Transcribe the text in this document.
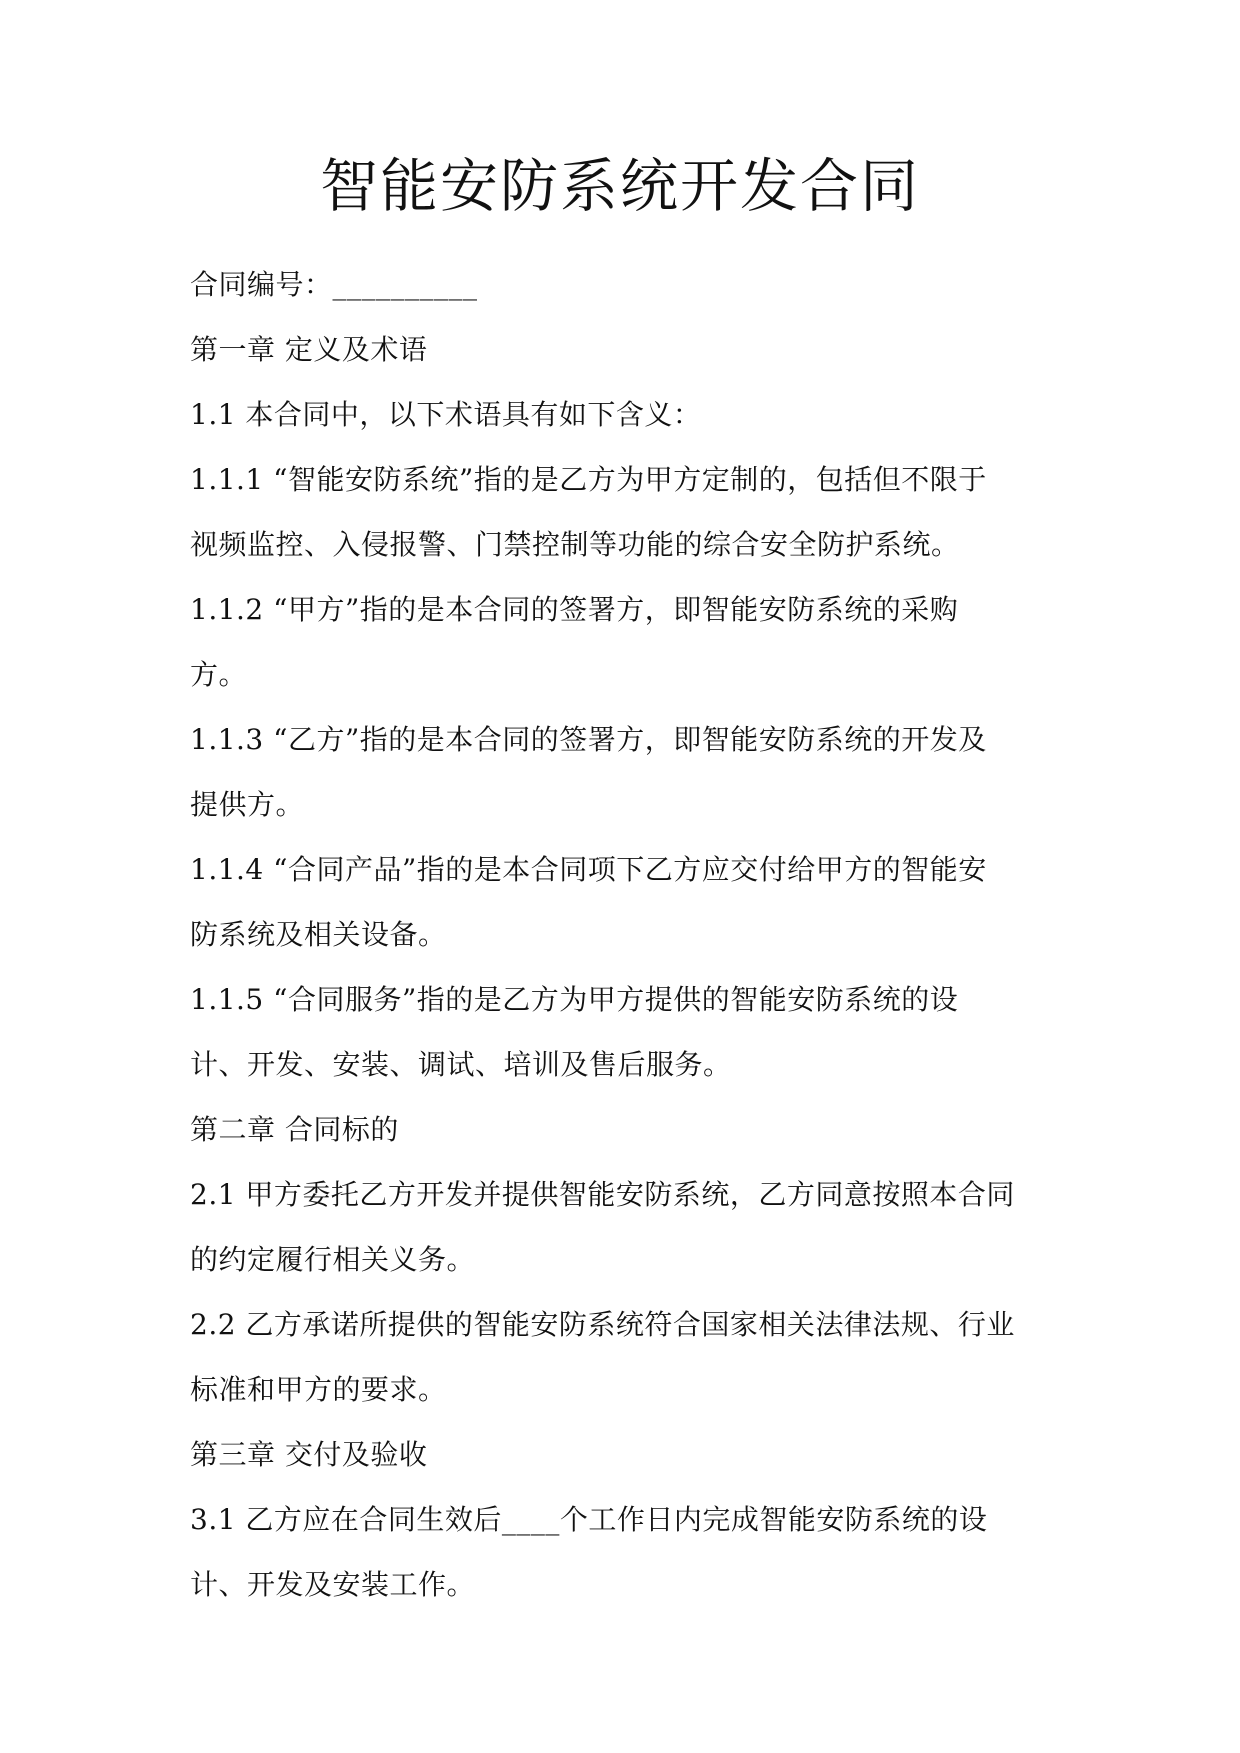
智能安防系统开发合同
合同编号：__________
第一章 定义及术语
1.1 本合同中，以下术语具有如下含义：
1.1.1 “智能安防系统”指的是乙方为甲方定制的，包括但不限于
视频监控、入侵报警、门禁控制等功能的综合安全防护系统。
1.1.2 “甲方”指的是本合同的签署方，即智能安防系统的采购
方。
1.1.3 “乙方”指的是本合同的签署方，即智能安防系统的开发及
提供方。
1.1.4 “合同产品”指的是本合同项下乙方应交付给甲方的智能安
防系统及相关设备。
1.1.5 “合同服务”指的是乙方为甲方提供的智能安防系统的设
计、开发、安装、调试、培训及售后服务。
第二章 合同标的
2.1 甲方委托乙方开发并提供智能安防系统，乙方同意按照本合同
的约定履行相关义务。
2.2 乙方承诺所提供的智能安防系统符合国家相关法律法规、行业
标准和甲方的要求。
第三章 交付及验收
3.1 乙方应在合同生效后____个工作日内完成智能安防系统的设
计、开发及安装工作。
